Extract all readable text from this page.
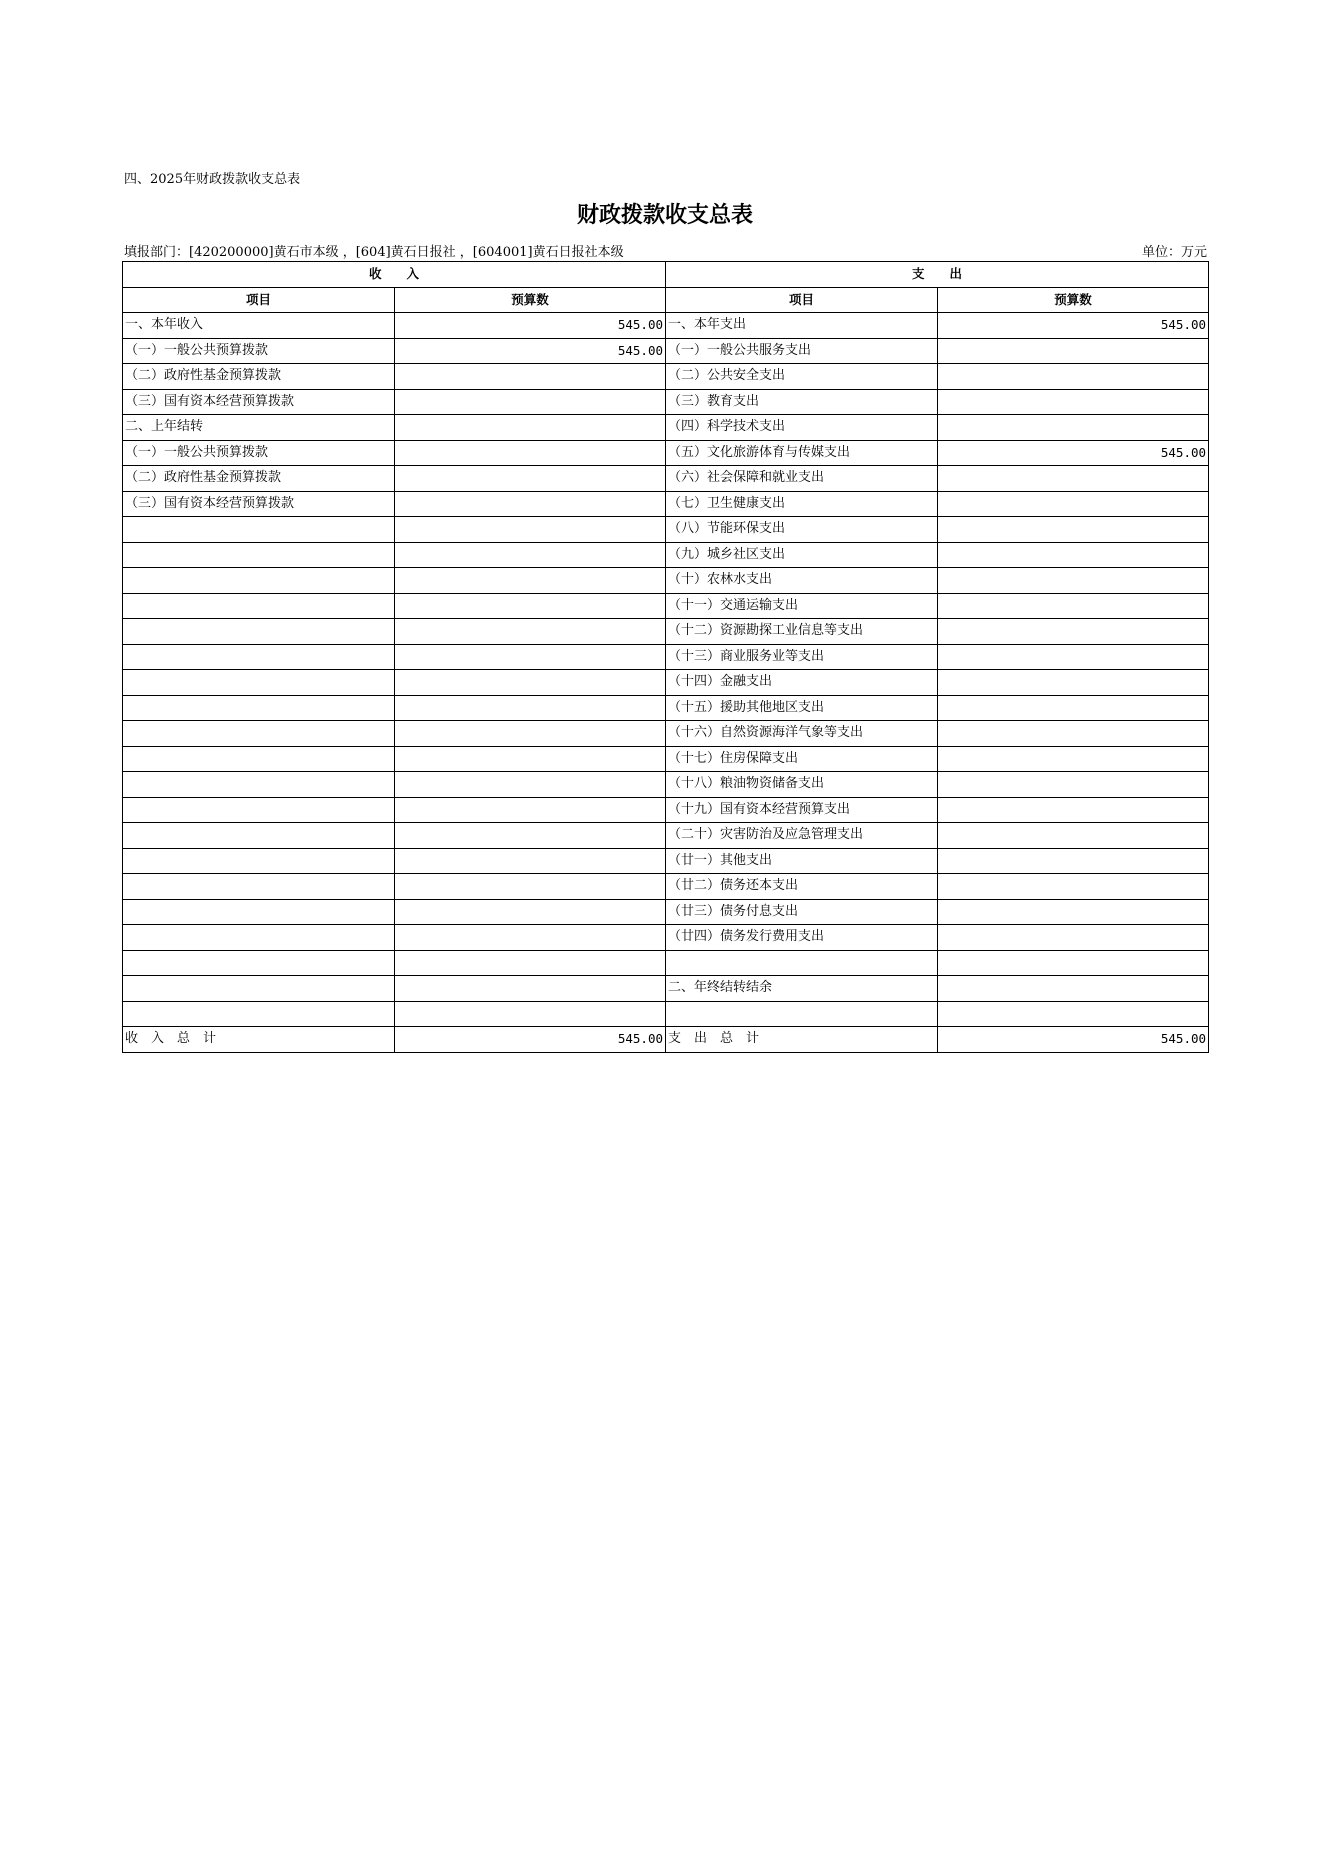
四、2025年财政拨款收支总表
财政拨款收支总表
填报部门：[420200000]黄石市本级 ，[604]黄石日报社 ，[604001]黄石日报社本级	单位：万元
收　　入		支　　出	
项目	预算数	项目	预算数
一、本年收入	545.00	一、本年支出	545.00
（一）一般公共预算拨款	545.00	（一）一般公共服务支出	
（二）政府性基金预算拨款		（二）公共安全支出	
（三）国有资本经营预算拨款		（三）教育支出	
二、上年结转		（四）科学技术支出	
（一）一般公共预算拨款		（五）文化旅游体育与传媒支出	545.00
（二）政府性基金预算拨款		（六）社会保障和就业支出	
（三）国有资本经营预算拨款		（七）卫生健康支出	
		（八）节能环保支出	
		（九）城乡社区支出	
		（十）农林水支出	
		（十一）交通运输支出	
		（十二）资源勘探工业信息等支出	
		（十三）商业服务业等支出	
		（十四）金融支出	
		（十五）援助其他地区支出	
		（十六）自然资源海洋气象等支出	
		（十七）住房保障支出	
		（十八）粮油物资储备支出	
		（十九）国有资本经营预算支出	
		（二十）灾害防治及应急管理支出	
		（廿一）其他支出	
		（廿二）债务还本支出	
		（廿三）债务付息支出	
		（廿四）债务发行费用支出	

		二、年终结转结余	

收　入　总　计	545.00	支　出　总　计	545.00
